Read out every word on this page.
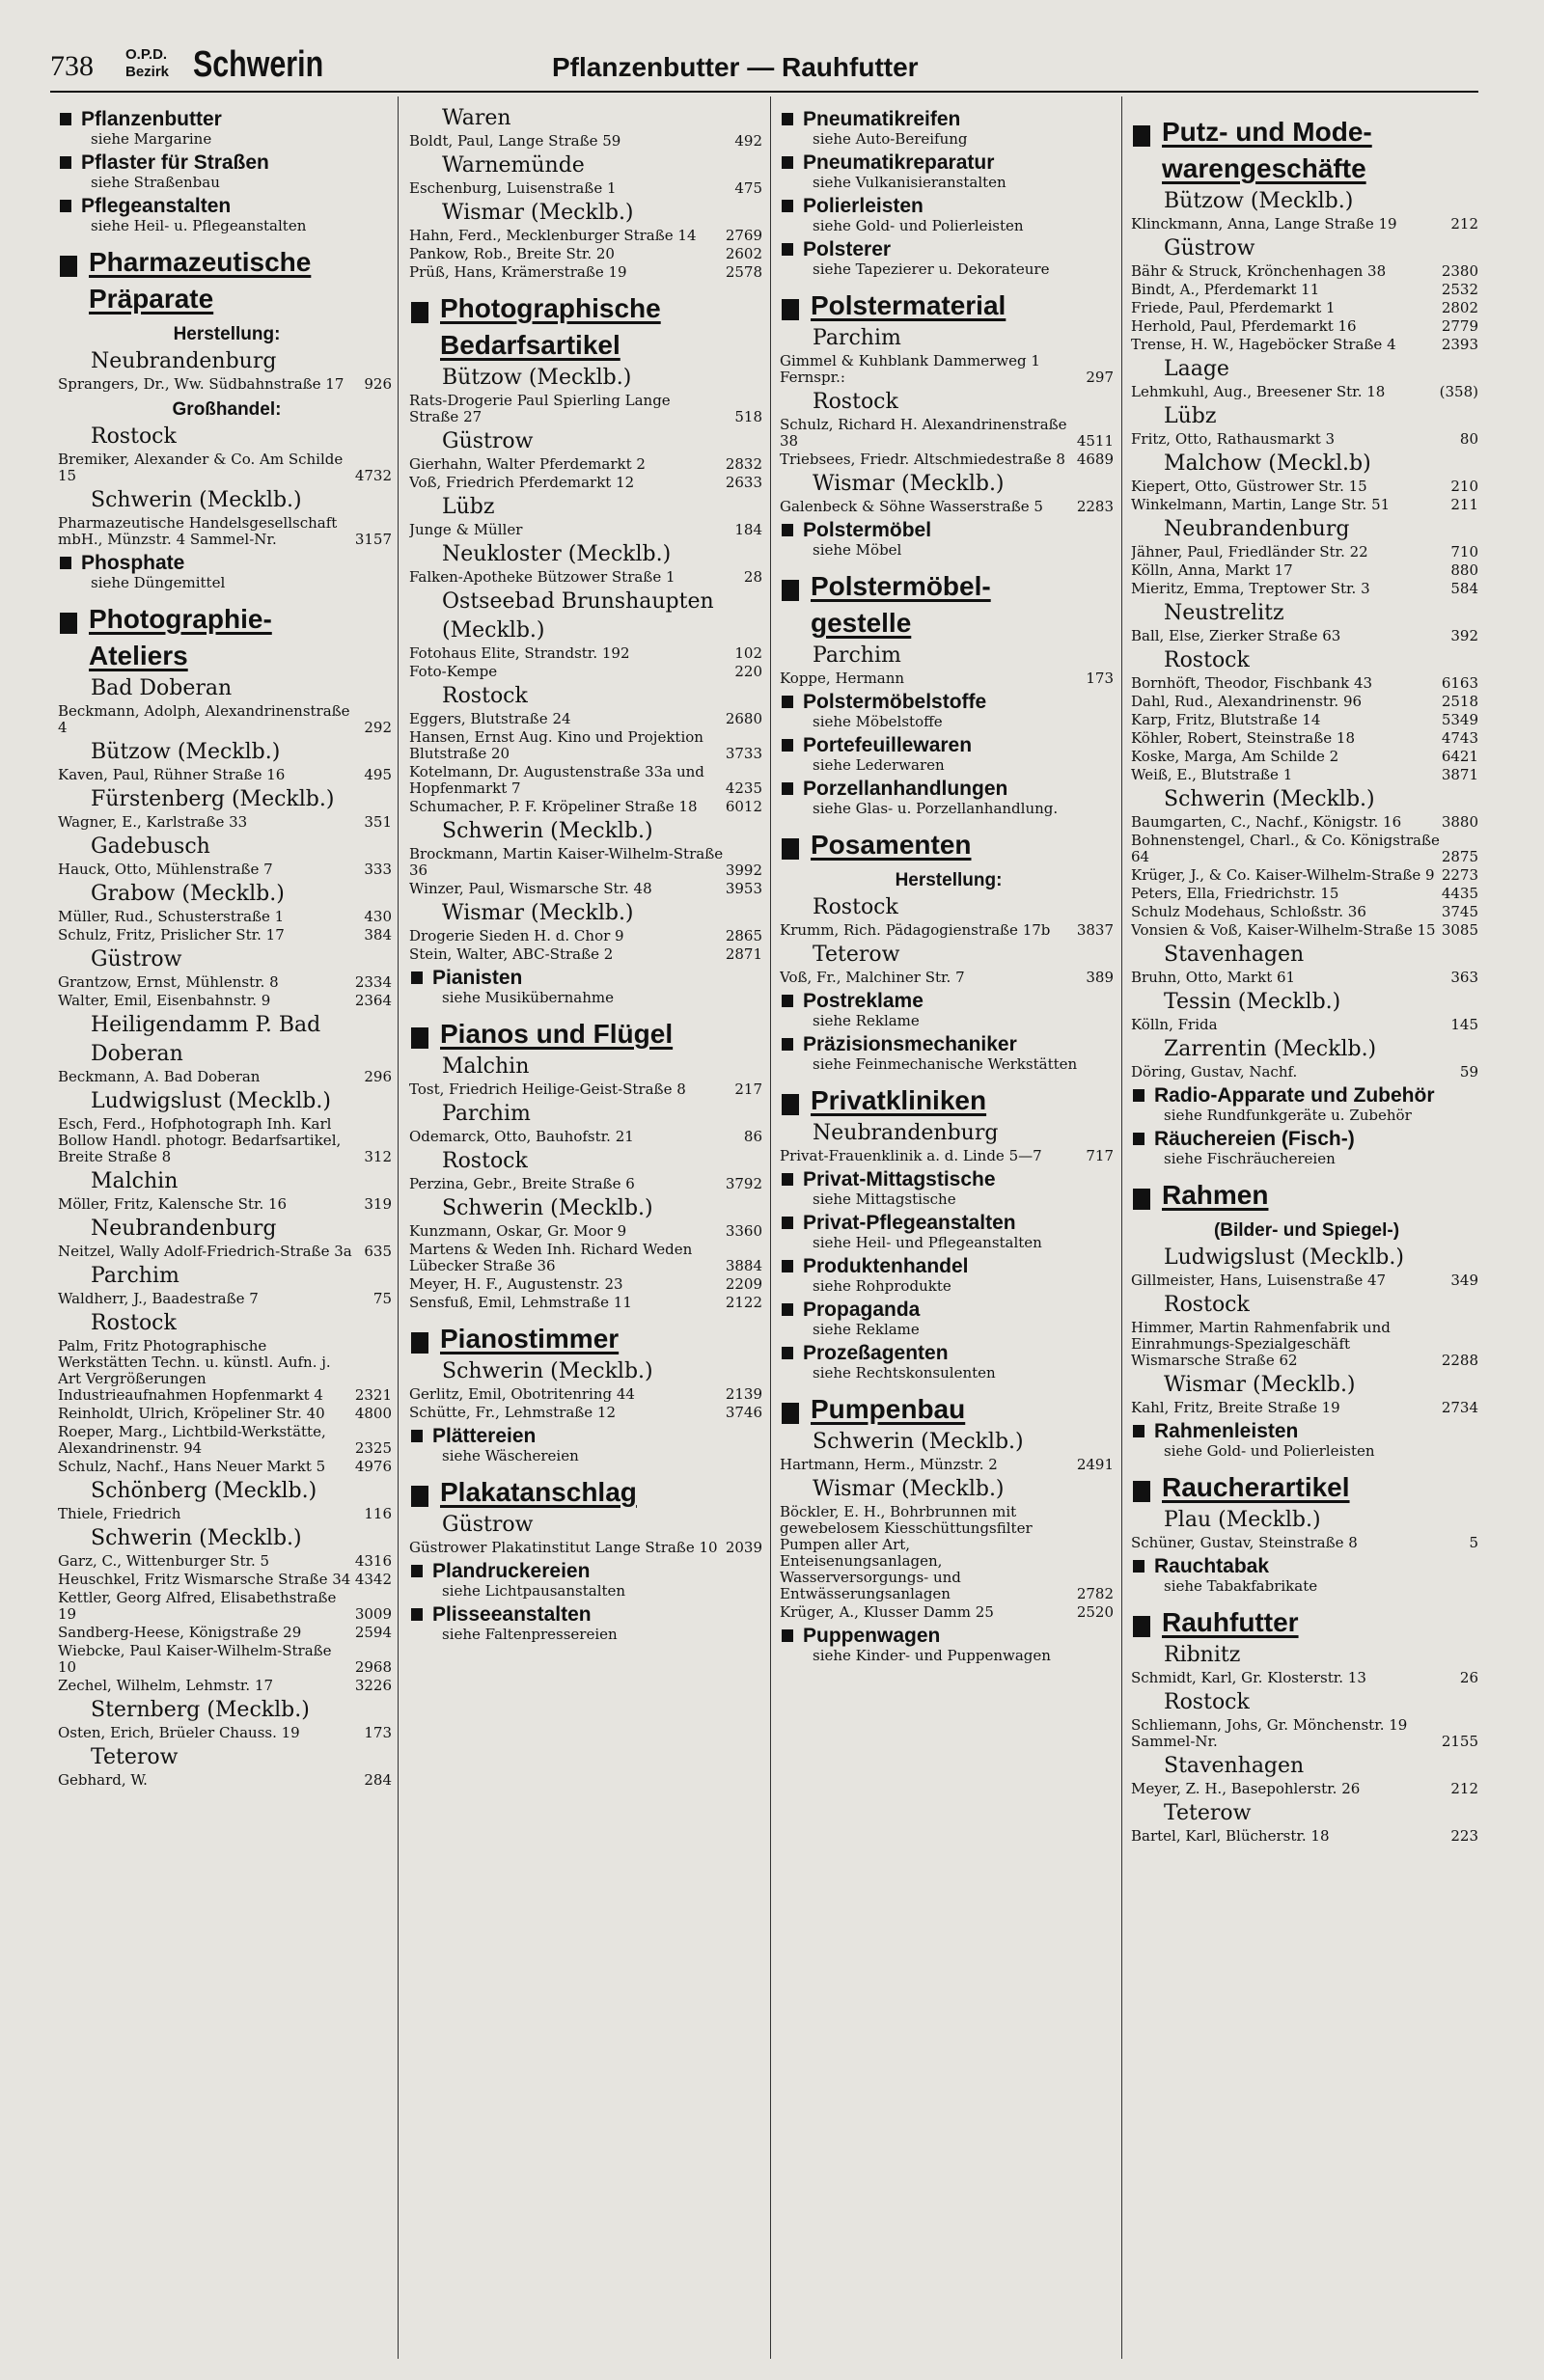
738 O.P.D.
Bezirk Schwerin	Pflanzenbutter — Rauhfutter
Pflanzenbutter
siehe Margarine
Pflaster für Straßen
siehe Straßenbau
Pflegeanstalten
siehe Heil- u. Pflegeanstalten
Pharmazeutische
Präparate
Herstellung:
Neubrandenburg
Sprangers, Dr., Ww. Südbahnstraße 17 926
Großhandel:
Rostock
Bremiker, Alexander & Co. Am Schilde 15	4732
Schwerin (Mecklb.)
Pharmazeutische Handelsgesellschaft mbH., Münzstr. 4 Sammel-Nr.	3157
Phosphate
siehe Düngemittel
Photographie-
Ateliers
Bad Doberan
Beckmann, Adolph, Alexandrinenstraße 4	292
Bützow (Mecklb.)
Kaven, Paul, Rühner Straße 16	495
Fürstenberg (Mecklb.)
Wagner, E., Karlstraße 33	351
Gadebusch
Hauck, Otto, Mühlenstraße 7	333
Grabow (Mecklb.)
Müller, Rud., Schusterstraße 1	430
Schulz, Fritz, Prislicher Str. 17	384
Güstrow
Grantzow, Ernst, Mühlenstr. 8	2334
Walter, Emil, Eisenbahnstr. 9	2364
Heiligendamm P. Bad Doberan
Beckmann, A. Bad Doberan	296
Ludwigslust (Mecklb.)
Esch, Ferd., Hofphotograph Inh. Karl Bollow Handl. photogr. Bedarfsartikel, Breite Straße 8	312
Malchin
Möller, Fritz, Kalensche Str. 16	319
Neubrandenburg
Neitzel, Wally Adolf-Friedrich-Straße 3a 635
Parchim
Waldherr, J., Baadestraße 7	75
Rostock
Palm, Fritz Photographische Werkstätten Techn. u. künstl. Aufn. j. Art Vergrößerungen Industrieaufnahmen Hopfenmarkt 4 2321
Reinholdt, Ulrich, Kröpeliner Str. 40 4800
Roeper, Marg., Lichtbild-Werkstätte, Alexandrinenstr. 94	2325
Schulz, Nachf., Hans Neuer Markt 5 4976
Schönberg (Mecklb.)
Thiele, Friedrich	116
Schwerin (Mecklb.)
Garz, C., Wittenburger Str. 5	4316
Heuschkel, Fritz Wismarsche Straße 34 4342
Kettler, Georg Alfred, Elisabethstraße 19	3009
Sandberg-Heese, Königstraße 29	2594
Wiebcke, Paul Kaiser-Wilhelm-Straße 10	2968
Zechel, Wilhelm, Lehmstr. 17	3226
Sternberg (Mecklb.)
Osten, Erich, Brüeler Chauss. 19	173
Teterow
Gebhard, W.	284
Waren
Boldt, Paul, Lange Straße 59	492
Warnemünde
Eschenburg, Luisenstraße 1	475
Wismar (Mecklb.)
Hahn, Ferd., Mecklenburger Straße 14 2769
Pankow, Rob., Breite Str. 20	2602
Prüß, Hans, Krämerstraße 19	2578
Photographische
Bedarfsartikel
Bützow (Mecklb.)
Rats-Drogerie Paul Spierling Lange Straße 27	518
Güstrow
Gierhahn, Walter Pferdemarkt 2	2832
Voß, Friedrich Pferdemarkt 12	2633
Lübz
Junge & Müller	184
Neukloster (Mecklb.)
Falken-Apotheke Bützower Straße 1	28
Ostseebad Brunshaupten (Mecklb.)
Fotohaus Elite, Strandstr. 192	102
Foto-Kempe	220
Rostock
Eggers, Blutstraße 24	2680
Hansen, Ernst Aug. Kino und Projektion Blutstraße 20	3733
Kotelmann, Dr. Augustenstraße 33a und Hopfenmarkt 7	4235
Schumacher, P. F. Kröpeliner Straße 18 6012
Schwerin (Mecklb.)
Brockmann, Martin Kaiser-Wilhelm-Straße 36	3992
Winzer, Paul, Wismarsche Str. 48	3953
Wismar (Mecklb.)
Drogerie Sieden H. d. Chor 9	2865
Stein, Walter, ABC-Straße 2	2871
Pianisten
siehe Musikübernahme
Pianos und Flügel
Malchin
Tost, Friedrich Heilige-Geist-Straße 8	217
Parchim
Odemarck, Otto, Bauhofstr. 21	86
Rostock
Perzina, Gebr., Breite Straße 6	3792
Schwerin (Mecklb.)
Kunzmann, Oskar, Gr. Moor 9	3360
Martens & Weden Inh. Richard Weden Lübecker Straße 36	3884
Meyer, H. F., Augustenstr. 23	2209
Sensfuß, Emil, Lehmstraße 11	2122
Pianostimmer
Schwerin (Mecklb.)
Gerlitz, Emil, Obotritenring 44	2139
Schütte, Fr., Lehmstraße 12	3746
Plättereien
siehe Wäschereien
Plakatanschlag
Güstrow
Güstrower Plakatinstitut Lange Straße 10 2039
Plandruckereien
siehe Lichtpausanstalten
Plisseeanstalten
siehe Faltenpressereien
Pneumatikreifen
siehe Auto-Bereifung
Pneumatikreparatur
siehe Vulkanisieranstalten
Polierleisten
siehe Gold- und Polierleisten
Polsterer
siehe Tapezierer u. Dekorateure
Polstermaterial
Parchim
Gimmel & Kuhblank Dammerweg 1 Fernspr.:	297
Rostock
Schulz, Richard H. Alexandrinenstraße 38	4511
Triebsees, Friedr. Altschmiedestraße 8 4689
Wismar (Mecklb.)
Galenbeck & Söhne Wasserstraße 5 2283
Polstermöbel
siehe Möbel
Polstermöbel-
gestelle
Parchim
Koppe, Hermann	173
Polstermöbelstoffe
siehe Möbelstoffe
Portefeuillewaren
siehe Lederwaren
Porzellanhandlungen
siehe Glas- u. Porzellanhandlung.
Posamenten
Herstellung:
Rostock
Krumm, Rich. Pädagogienstraße 17b 3837
Teterow
Voß, Fr., Malchiner Str. 7	389
Postreklame
siehe Reklame
Präzisionsmechaniker
siehe Feinmechanische Werkstätten
Privatkliniken
Neubrandenburg
Privat-Frauenklinik a. d. Linde 5—7	717
Privat-Mittagstische
siehe Mittagstische
Privat-Pflegeanstalten
siehe Heil- und Pflegeanstalten
Produktenhandel
siehe Rohprodukte
Propaganda
siehe Reklame
Prozeßagenten
siehe Rechtskonsulenten
Pumpenbau
Schwerin (Mecklb.)
Hartmann, Herm., Münzstr. 2	2491
Wismar (Mecklb.)
Böckler, E. H., Bohrbrunnen mit gewebelosem Kiesschüttungsfilter Pumpen aller Art, Enteisenungsanlagen, Wasserversorgungs- und Entwässerungsanlagen	2782
Krüger, A., Klusser Damm 25	2520
Puppenwagen
siehe Kinder- und Puppenwagen
Putz- und Mode-
warengeschäfte
Bützow (Mecklb.)
Klinckmann, Anna, Lange Straße 19	212
Güstrow
Bähr & Struck, Krönchenhagen 38	2380
Bindt, A., Pferdemarkt 11	2532
Friede, Paul, Pferdemarkt 1	2802
Herhold, Paul, Pferdemarkt 16	2779
Trense, H. W., Hageböcker Straße 4	2393
Laage
Lehmkuhl, Aug., Breesener Str. 18	(358)
Lübz
Fritz, Otto, Rathausmarkt 3	80
Malchow (Meckl.b)
Kiepert, Otto, Güstrower Str. 15	210
Winkelmann, Martin, Lange Str. 51	211
Neubrandenburg
Jähner, Paul, Friedländer Str. 22	710
Kölln, Anna, Markt 17	880
Mieritz, Emma, Treptower Str. 3	584
Neustrelitz
Ball, Else, Zierker Straße 63	392
Rostock
Bornhöft, Theodor, Fischbank 43	6163
Dahl, Rud., Alexandrinenstr. 96	2518
Karp, Fritz, Blutstraße 14	5349
Köhler, Robert, Steinstraße 18	4743
Koske, Marga, Am Schilde 2	6421
Weiß, E., Blutstraße 1	3871
Schwerin (Mecklb.)
Baumgarten, C., Nachf., Königstr. 16	3880
Bohnenstengel, Charl., & Co. Königstraße 64	2875
Krüger, J., & Co. Kaiser-Wilhelm-Straße 9 2273
Peters, Ella, Friedrichstr. 15	4435
Schulz Modehaus, Schloßstr. 36	3745
Vonsien & Voß, Kaiser-Wilhelm-Straße 15 3085
Stavenhagen
Bruhn, Otto, Markt 61	363
Tessin (Mecklb.)
Kölln, Frida	145
Zarrentin (Mecklb.)
Döring, Gustav, Nachf.	59
Radio-Apparate und Zubehör
siehe Rundfunkgeräte u. Zubehör
Räuchereien (Fisch-)
siehe Fischräuchereien
Rahmen
(Bilder- und Spiegel-)
Ludwigslust (Mecklb.)
Gillmeister, Hans, Luisenstraße 47	349
Rostock
Himmer, Martin Rahmenfabrik und Einrahmungs-Spezialgeschäft Wismarsche Straße 62	2288
Wismar (Mecklb.)
Kahl, Fritz, Breite Straße 19	2734
Rahmenleisten
siehe Gold- und Polierleisten
Raucherartikel
Plau (Mecklb.)
Schüner, Gustav, Steinstraße 8	5
Rauchtabak
siehe Tabakfabrikate
Rauhfutter
Ribnitz
Schmidt, Karl, Gr. Klosterstr. 13	26
Rostock
Schliemann, Johs, Gr. Mönchenstr. 19 Sammel-Nr.	2155
Stavenhagen
Meyer, Z. H., Basepohlerstr. 26	212
Teterow
Bartel, Karl, Blücherstr. 18	223
